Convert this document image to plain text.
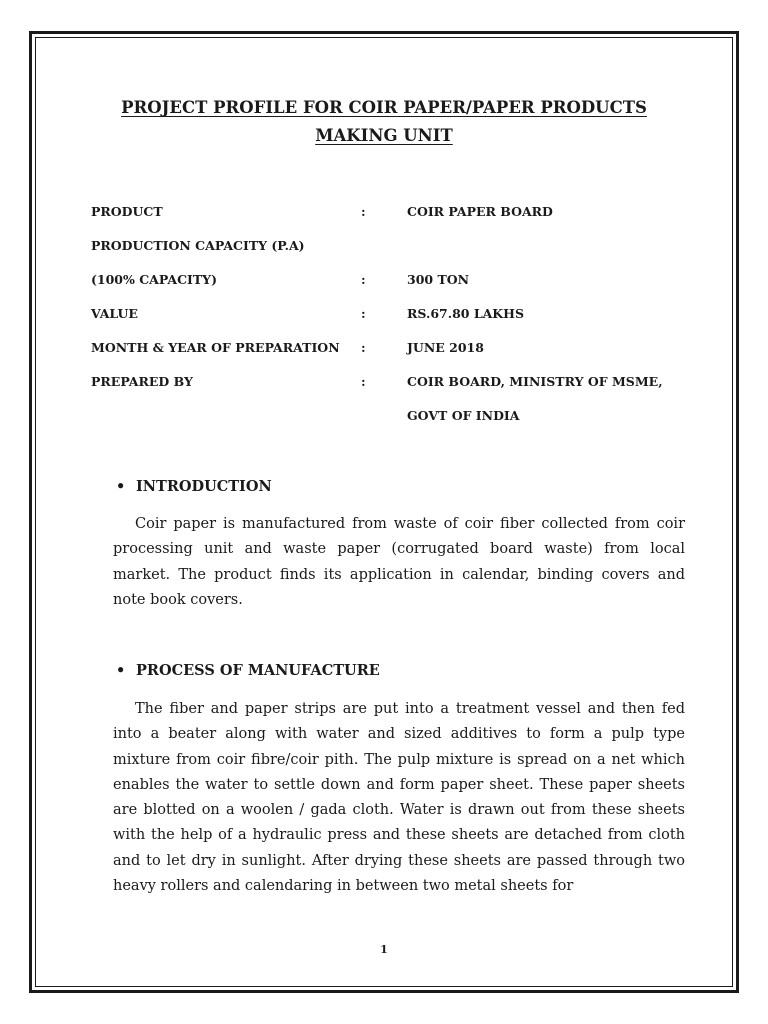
PROJECT PROFILE FOR COIR PAPER/PAPER PRODUCTS
MAKING UNIT
PRODUCT	:	COIR PAPER BOARD
PRODUCTION CAPACITY (P.A)
(100% CAPACITY)	:	300 TON
VALUE	:	RS.67.80 LAKHS
MONTH & YEAR OF PREPARATION :	JUNE 2018
PREPARED BY	:	COIR BOARD, MINISTRY OF MSME,
GOVT OF INDIA
• INTRODUCTION

Coir paper is manufactured from waste of coir fiber collected from coir processing unit and waste paper (corrugated board waste) from local market. The product finds its application in calendar, binding covers and note book covers.

• PROCESS OF MANUFACTURE

The fiber and paper strips are put into a treatment vessel and then fed into a beater along with water and sized additives to form a pulp type mixture from coir fibre/coir pith. The pulp mixture is spread on a net which enables the water to settle down and form paper sheet. These paper sheets are blotted on a woolen / gada cloth. Water is drawn out from these sheets with the help of a hydraulic press and these sheets are detached from cloth and to let dry in sunlight. After drying these sheets are passed through two heavy rollers and calendaring in between two metal sheets for

1
